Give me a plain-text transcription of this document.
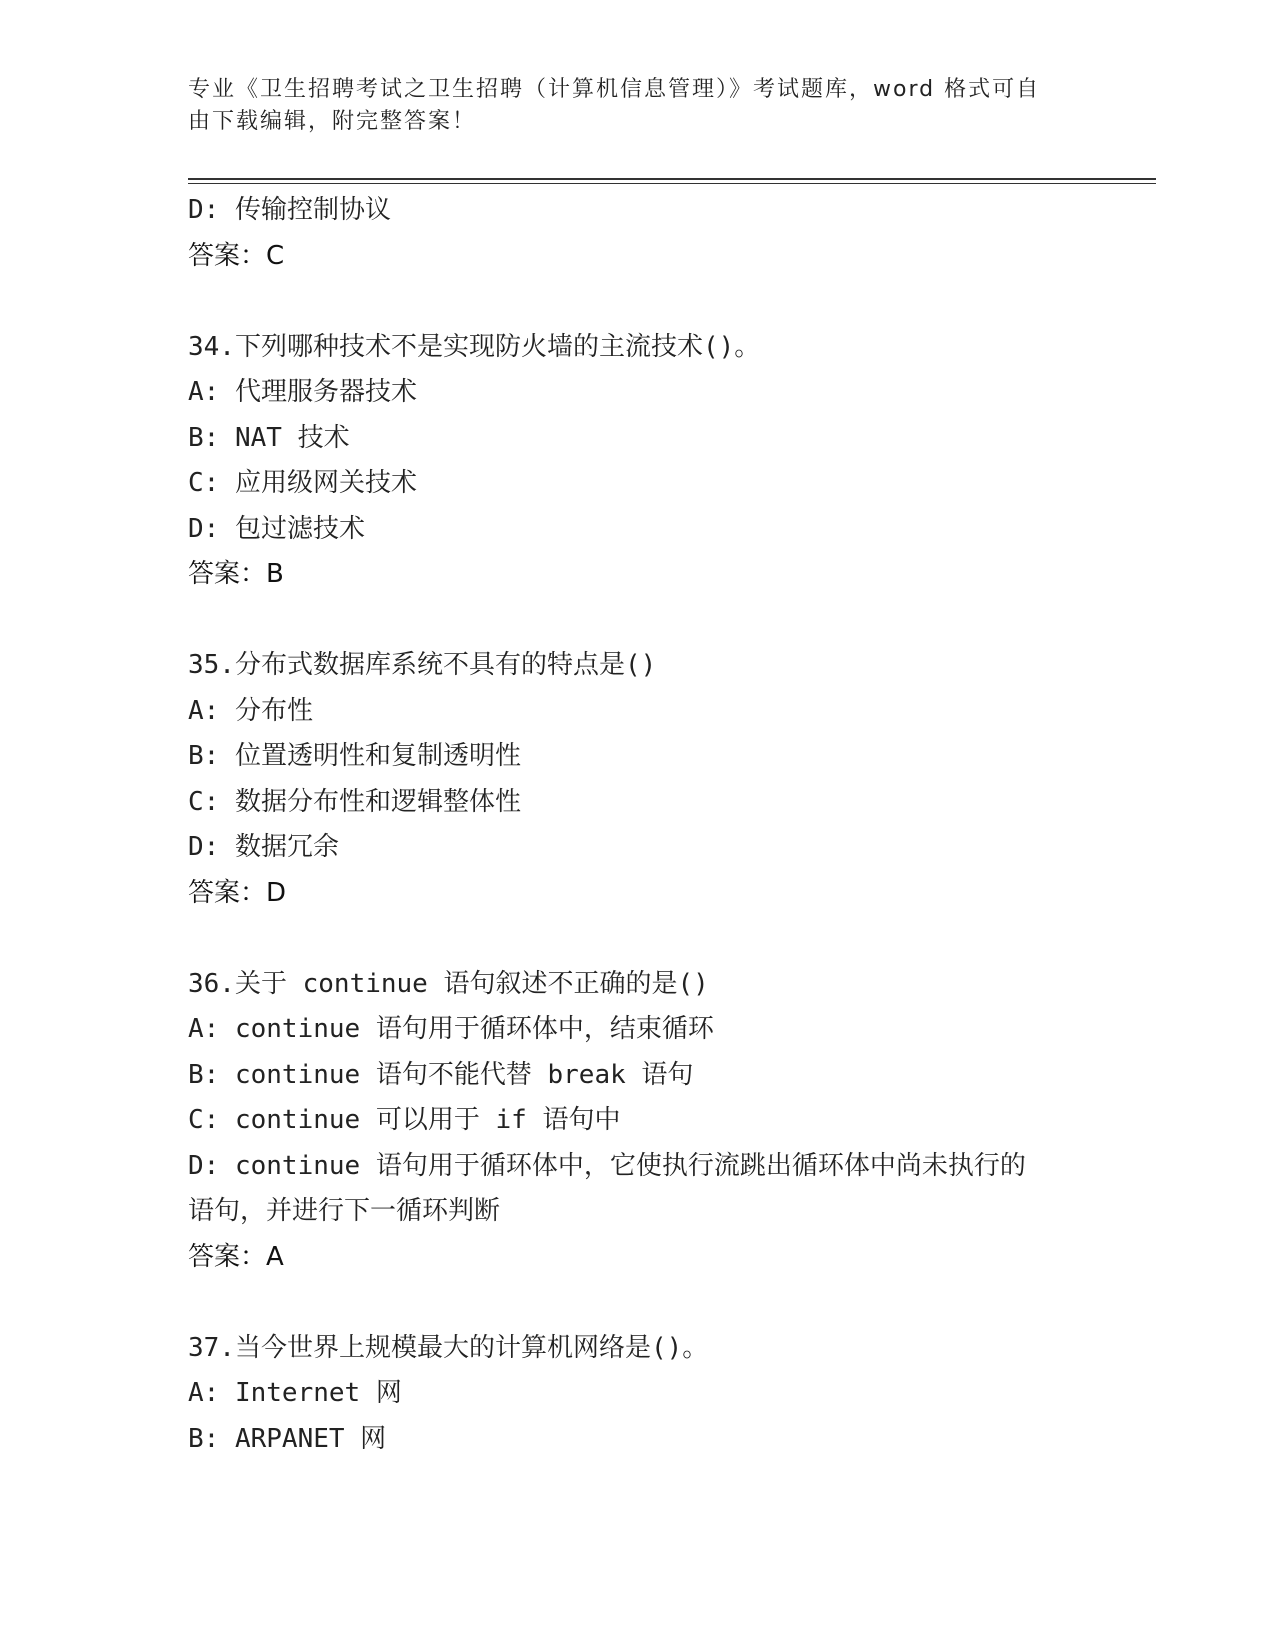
专业《卫生招聘考试之卫生招聘（计算机信息管理）》考试题库，word 格式可自
由下载编辑，附完整答案！
D: 传输控制协议
答案：C
34.下列哪种技术不是实现防火墙的主流技术()。
A: 代理服务器技术
B: NAT 技术
C: 应用级网关技术
D: 包过滤技术
答案：B
35.分布式数据库系统不具有的特点是()
A: 分布性
B: 位置透明性和复制透明性
C: 数据分布性和逻辑整体性
D: 数据冗余
答案：D
36.关于 continue 语句叙述不正确的是()
A: continue 语句用于循环体中，结束循环
B: continue 语句不能代替 break 语句
C: continue 可以用于 if 语句中
D: continue 语句用于循环体中，它使执行流跳出循环体中尚未执行的
语句，并进行下一循环判断
答案：A
37.当今世界上规模最大的计算机网络是()。
A: Internet 网
B: ARPANET 网
